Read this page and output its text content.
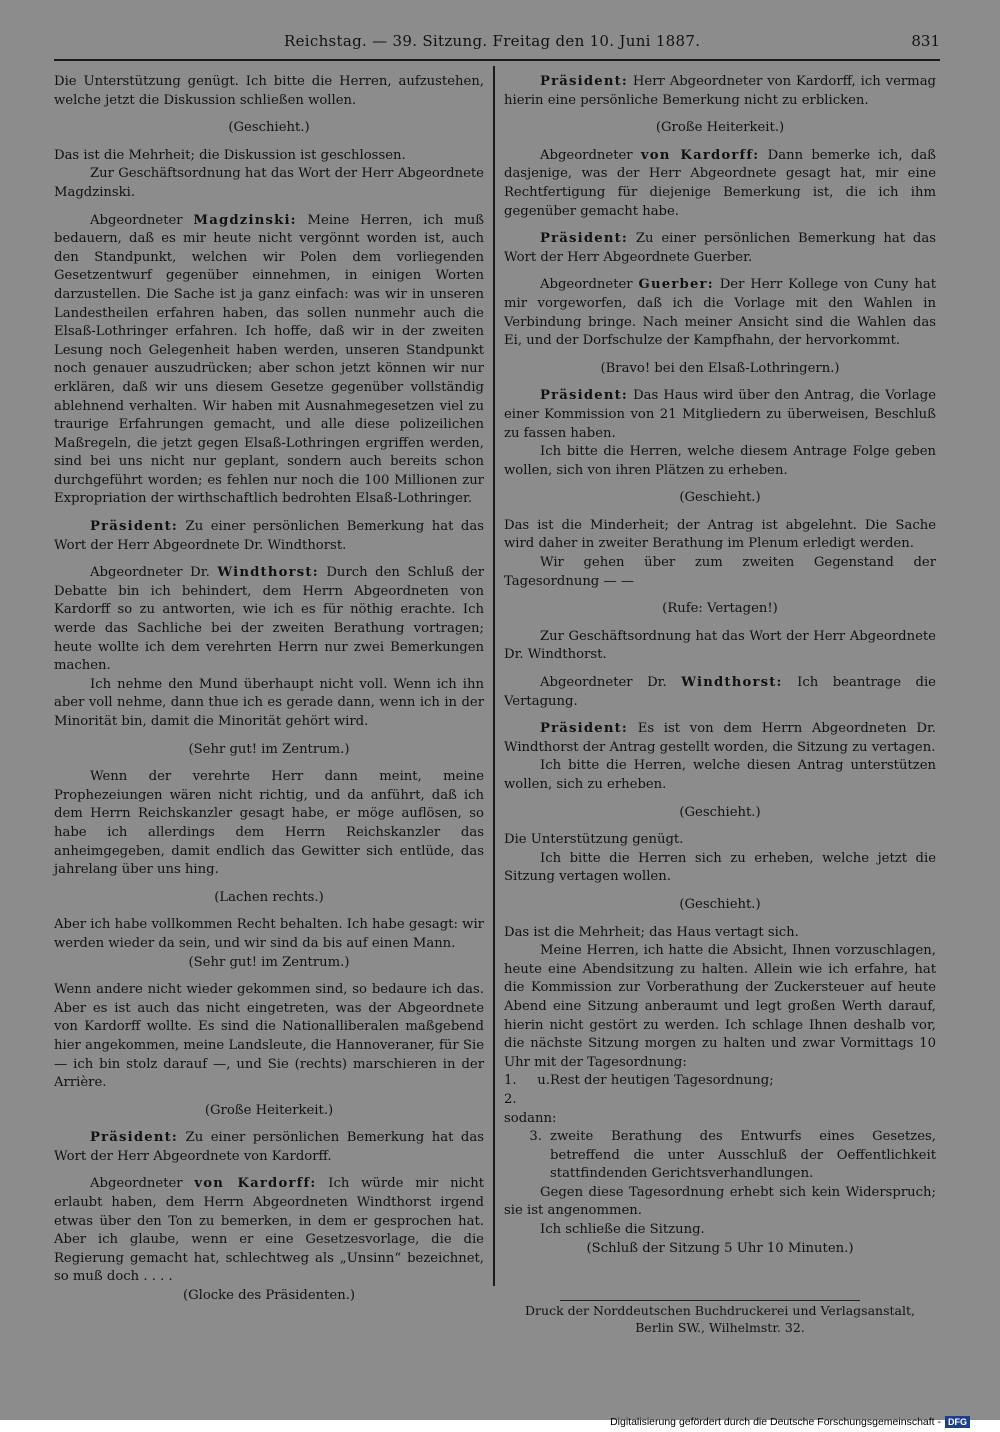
Reichstag. — 39. Sitzung. Freitag den 10. Juni 1887.	831

Die Unterstützung genügt. Ich bitte die Herren, aufzustehen, welche jetzt die Diskussion schließen wollen.

(Geschieht.)

Das ist die Mehrheit; die Diskussion ist geschlossen.

Zur Geschäftsordnung hat das Wort der Herr Abgeordnete Magdzinski.

Abgeordneter Magdzinski: Meine Herren, ich muß bedauern, daß es mir heute nicht vergönnt worden ist, auch den Standpunkt, welchen wir Polen dem vorliegenden Gesetzentwurf gegenüber einnehmen, in einigen Worten darzustellen. Die Sache ist ja ganz einfach: was wir in unseren Landestheilen erfahren haben, das sollen nunmehr auch die Elsaß-Lothringer erfahren. Ich hoffe, daß wir in der zweiten Lesung noch Gelegenheit haben werden, unseren Standpunkt noch genauer auszudrücken; aber schon jetzt können wir nur erklären, daß wir uns diesem Gesetze gegenüber vollständig ablehnend verhalten. Wir haben mit Ausnahmegesetzen viel zu traurige Erfahrungen gemacht, und alle diese polizeilichen Maßregeln, die jetzt gegen Elsaß-Lothringen ergriffen werden, sind bei uns nicht nur geplant, sondern auch bereits schon durchgeführt worden; es fehlen nur noch die 100 Millionen zur Expropriation der wirthschaftlich bedrohten Elsaß-Lothringer.

Präsident: Zu einer persönlichen Bemerkung hat das Wort der Herr Abgeordnete Dr. Windthorst.

Abgeordneter Dr. Windthorst: Durch den Schluß der Debatte bin ich behindert, dem Herrn Abgeordneten von Kardorff so zu antworten, wie ich es für nöthig erachte. Ich werde das Sachliche bei der zweiten Berathung vortragen; heute wollte ich dem verehrten Herrn nur zwei Bemerkungen machen.

Ich nehme den Mund überhaupt nicht voll. Wenn ich ihn aber voll nehme, dann thue ich es gerade dann, wenn ich in der Minorität bin, damit die Minorität gehört wird.

(Sehr gut! im Zentrum.)

Wenn der verehrte Herr dann meint, meine Prophezeiungen wären nicht richtig, und da anführt, daß ich dem Herrn Reichskanzler gesagt habe, er möge auflösen, so habe ich allerdings dem Herrn Reichskanzler das anheimgegeben, damit endlich das Gewitter sich entlüde, das jahrelang über uns hing.

(Lachen rechts.)

Aber ich habe vollkommen Recht behalten. Ich habe gesagt: wir werden wieder da sein, und wir sind da bis auf einen Mann.

(Sehr gut! im Zentrum.)

Wenn andere nicht wieder gekommen sind, so bedaure ich das. Aber es ist auch das nicht eingetreten, was der Abgeordnete von Kardorff wollte. Es sind die Nationalliberalen maßgebend hier angekommen, meine Landsleute, die Hannoveraner, für Sie — ich bin stolz darauf —, und Sie (rechts) marschieren in der Arrière.

(Große Heiterkeit.)

Präsident: Zu einer persönlichen Bemerkung hat das Wort der Herr Abgeordnete von Kardorff.

Abgeordneter von Kardorff: Ich würde mir nicht erlaubt haben, dem Herrn Abgeordneten Windthorst irgend etwas über den Ton zu bemerken, in dem er gesprochen hat. Aber ich glaube, wenn er eine Gesetzesvorlage, die die Regierung gemacht hat, schlechtweg als „Unsinn“ bezeichnet, so muß doch . . . .

(Glocke des Präsidenten.)

Präsident: Herr Abgeordneter von Kardorff, ich vermag hierin eine persönliche Bemerkung nicht zu erblicken.

(Große Heiterkeit.)

Abgeordneter von Kardorff: Dann bemerke ich, daß dasjenige, was der Herr Abgeordnete gesagt hat, mir eine Rechtfertigung für diejenige Bemerkung ist, die ich ihm gegenüber gemacht habe.

Präsident: Zu einer persönlichen Bemerkung hat das Wort der Herr Abgeordnete Guerber.

Abgeordneter Guerber: Der Herr Kollege von Cuny hat mir vorgeworfen, daß ich die Vorlage mit den Wahlen in Verbindung bringe. Nach meiner Ansicht sind die Wahlen das Ei, und der Dorfschulze der Kampfhahn, der hervorkommt.

(Bravo! bei den Elsaß-Lothringern.)

Präsident: Das Haus wird über den Antrag, die Vorlage einer Kommission von 21 Mitgliedern zu überweisen, Beschluß zu fassen haben.

Ich bitte die Herren, welche diesem Antrage Folge geben wollen, sich von ihren Plätzen zu erheben.

(Geschieht.)

Das ist die Minderheit; der Antrag ist abgelehnt. Die Sache wird daher in zweiter Berathung im Plenum erledigt werden.

Wir gehen über zum zweiten Gegenstand der Tagesordnung — —

(Rufe: Vertagen!)

Zur Geschäftsordnung hat das Wort der Herr Abgeordnete Dr. Windthorst.

Abgeordneter Dr. Windthorst: Ich beantrage die Vertagung.

Präsident: Es ist von dem Herrn Abgeordneten Dr. Windthorst der Antrag gestellt worden, die Sitzung zu vertagen.

Ich bitte die Herren, welche diesen Antrag unterstützen wollen, sich zu erheben.

(Geschieht.)

Die Unterstützung genügt.

Ich bitte die Herren sich zu erheben, welche jetzt die Sitzung vertagen wollen.

(Geschieht.)

Das ist die Mehrheit; das Haus vertagt sich.

Meine Herren, ich hatte die Absicht, Ihnen vorzuschlagen, heute eine Abendsitzung zu halten. Allein wie ich erfahre, hat die Kommission zur Vorberathung der Zuckersteuer auf heute Abend eine Sitzung anberaumt und legt großen Werth darauf, hierin nicht gestört zu werden. Ich schlage Ihnen deshalb vor, die nächste Sitzung morgen zu halten und zwar Vormittags 10 Uhr mit der Tagesordnung:

1. u. 2.
Rest der heutigen Tagesordnung;
sodann:
3. zweite Berathung des Entwurfs eines Gesetzes, betreffend die unter Ausschluß der Oeffentlichkeit stattfindenden Gerichtsverhandlungen.

Gegen diese Tagesordnung erhebt sich kein Widerspruch; sie ist angenommen.

Ich schließe die Sitzung.

(Schluß der Sitzung 5 Uhr 10 Minuten.)

Druck der Norddeutschen Buchdruckerei und Verlagsanstalt,
Berlin SW., Wilhelmstr. 32.
Digitalisierung gefördert durch die Deutsche Forschungsgemeinschaft - DFG
